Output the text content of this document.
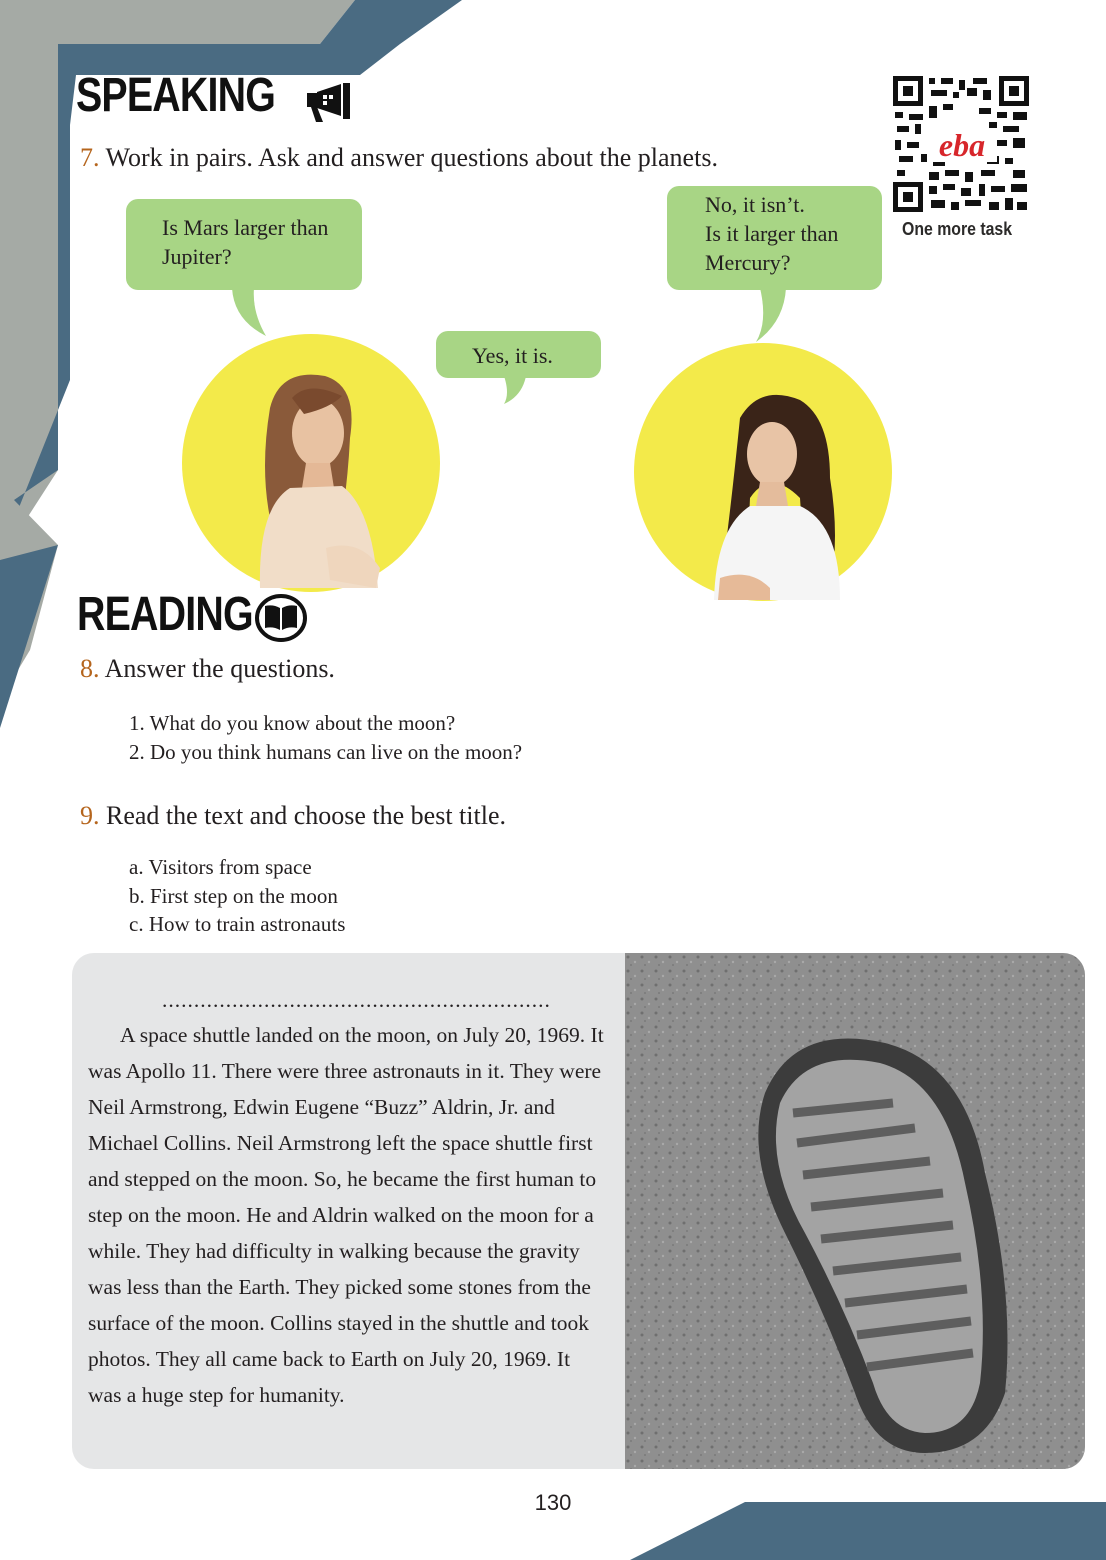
SPEAKING
eba
One more task
7. Work in pairs. Ask and answer questions about the planets.
Is Mars larger than
Jupiter?
Yes, it is.
No, it isn’t.
Is it larger than
Mercury?
READING
8. Answer the questions.
1. What do you know about the moon?
2. Do you think humans can live on the moon?
9. Read the text and choose the best title.
a. Visitors from space
b. First step on the moon
c. How to train astronauts

.............................................................
A space shuttle landed on the moon, on July 20, 1969. It was Apollo 11. There were three astronauts in it. They were Neil Armstrong, Edwin Eugene “Buzz” Aldrin, Jr. and Michael Collins. Neil Armstrong left the space shuttle first and stepped on the moon. So, he became the first human to step on the moon. He and Aldrin walked on the moon for a while. They had difficulty in walking because the gravity was less than the Earth. They picked some stones from the surface of the moon. Collins stayed in the shuttle and took photos. They all came back to Earth on July 20, 1969. It was a huge step for humanity.

130
